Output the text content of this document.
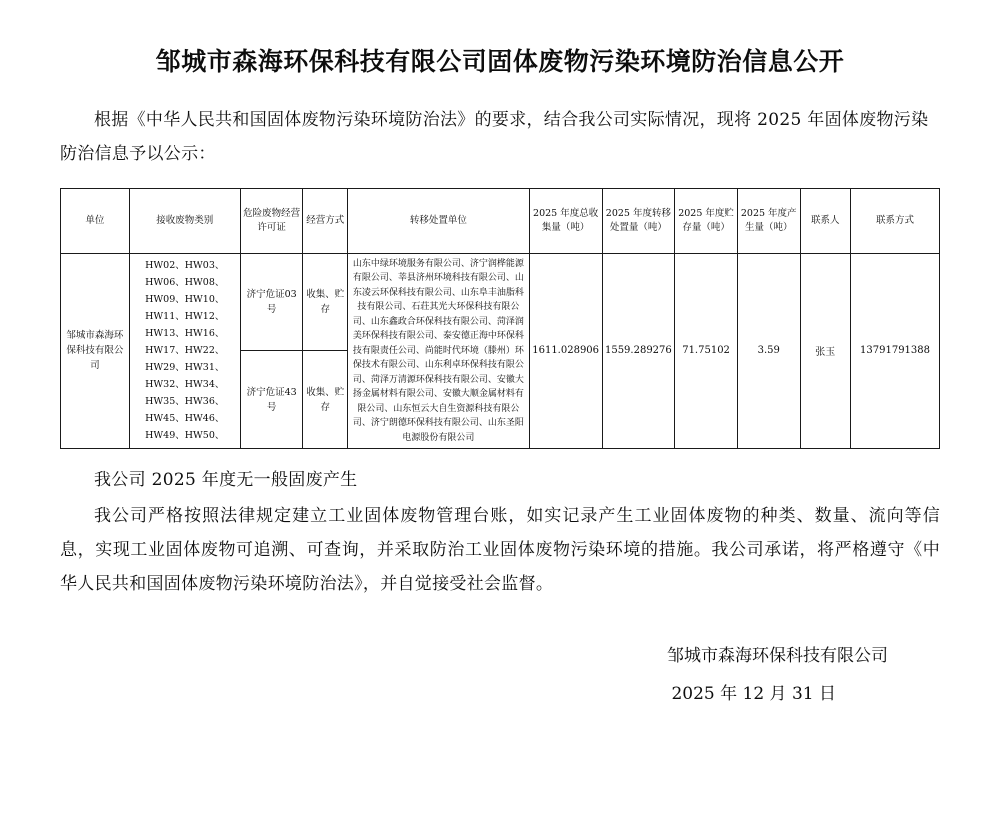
邹城市森海环保科技有限公司固体废物污染环境防治信息公开

根据《中华人民共和国固体废物污染环境防治法》的要求，结合我公司实际情况，现将 2025 年固体废物污染防治信息予以公示：

单位	接收废物类别	危险废物经营许可证	经营方式	转移处置单位	2025 年度总收集量（吨）	2025 年度转移处置量（吨）	2025 年度贮存量（吨）	2025 年度产生量（吨）	联系人	联系方式
邹城市森海环保科技有限公司	HW02、HW03、HW06、HW08、HW09、HW10、HW11、HW12、HW13、HW16、HW17、HW22、HW29、HW31、HW32、HW34、HW35、HW36、HW45、HW46、HW49、HW50、	济宁危证03号	收集、贮存	山东中绿环境服务有限公司、济宁润桦能源有限公司、莘县济州环境科技有限公司、山东凌云环保科技有限公司、山东阜丰油脂科技有限公司、石荘其光大环保科技有限公司、山东鑫政合环保科技有限公司、菏泽润美环保科技有限公司、泰安德正海中环保科技有限责任公司、尚能时代环境（滕州）环保技术有限公司、山东利卓环保科技有限公司、菏泽万清源环保科技有限公司、安徽大扬金属材料有限公司、安徽大顺金属材料有限公司、山东恒云大自生资源科技有限公司、济宁朗德环保科技有限公司、山东圣阳电源股份有限公司	1611.028906	1559.289276	71.75102	3.59	张玉	13791791388
		济宁危证43号	收集、贮存							

我公司 2025 年度无一般固废产生

我公司严格按照法律规定建立工业固体废物管理台账，如实记录产生工业固体废物的种类、数量、流向等信息，实现工业固体废物可追溯、可查询，并采取防治工业固体废物污染环境的措施。我公司承诺，将严格遵守《中华人民共和国固体废物污染环境防治法》，并自觉接受社会监督。

邹城市森海环保科技有限公司
2025 年 12 月 31 日
